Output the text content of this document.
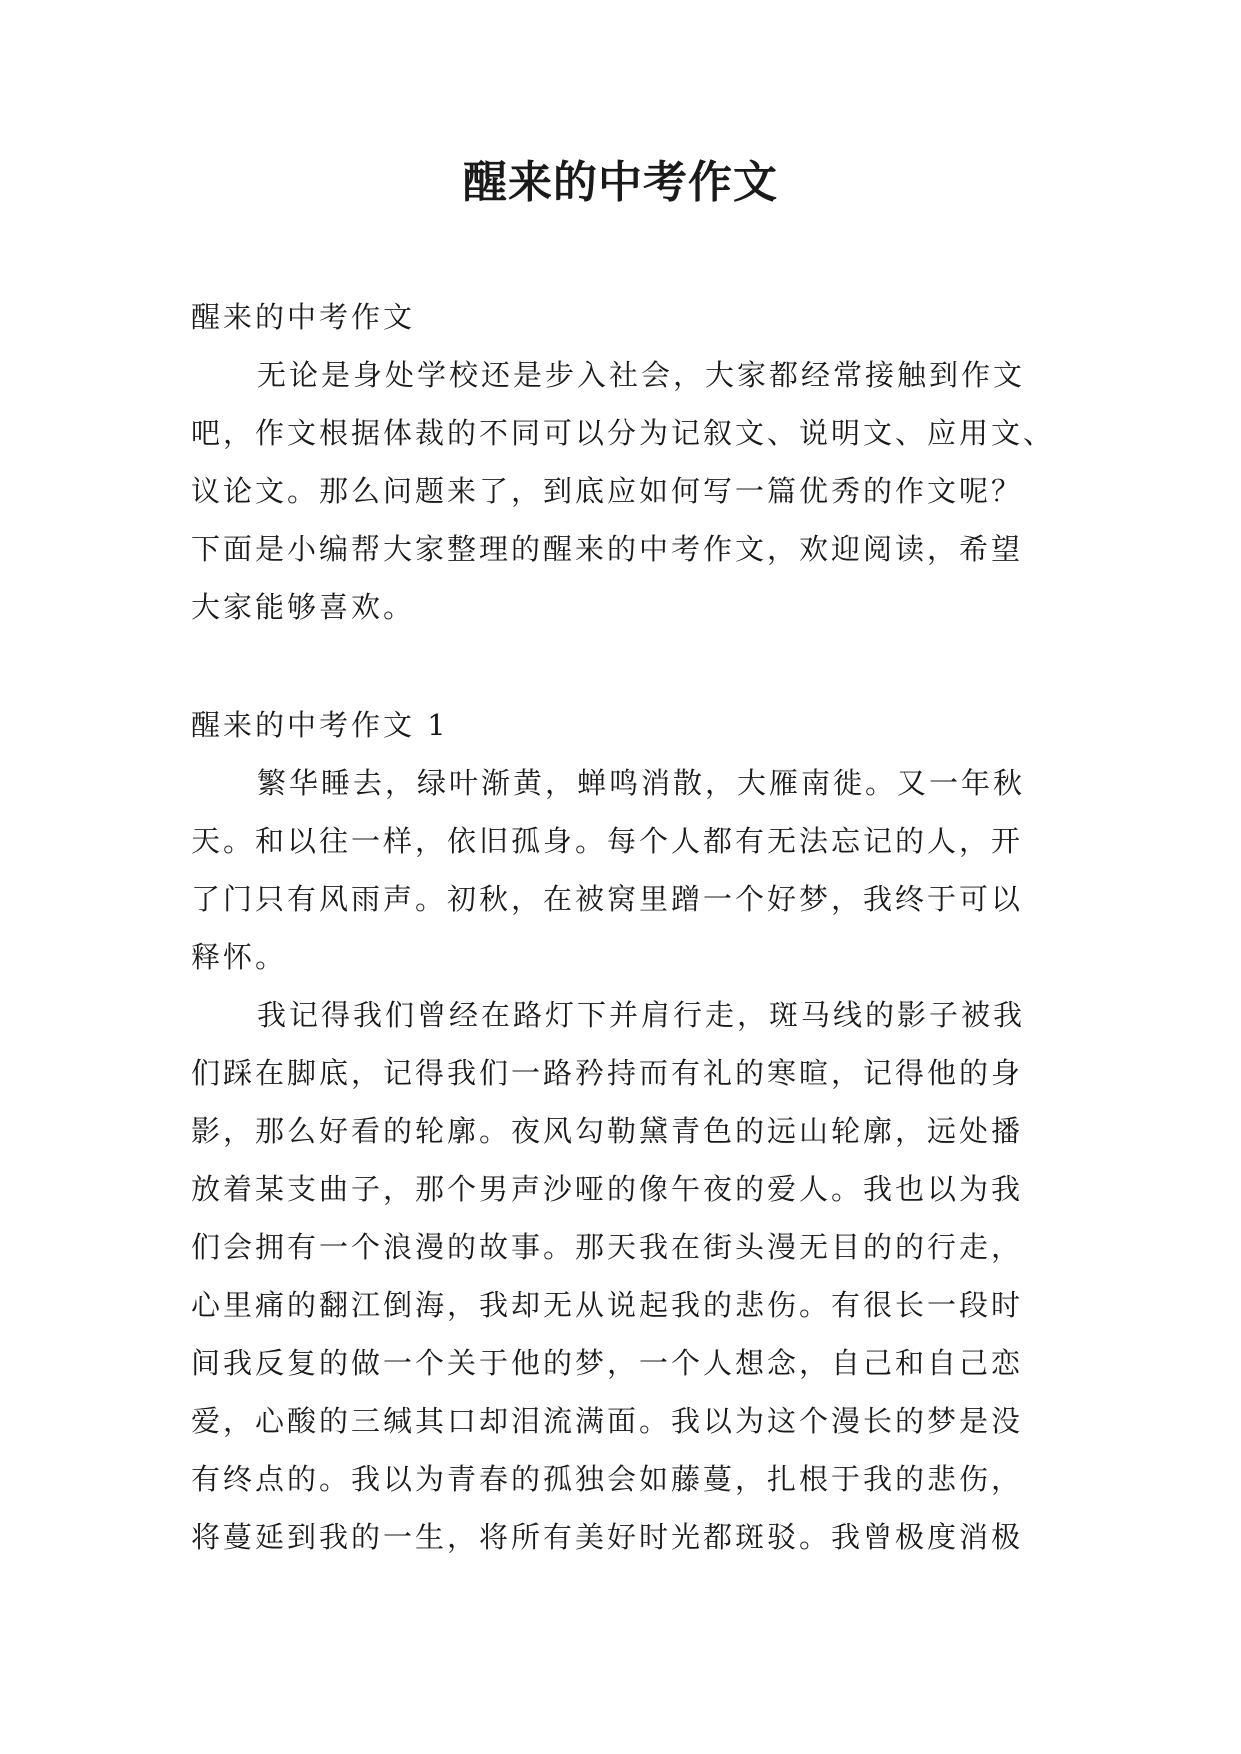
醒来的中考作文
醒来的中考作文
无论是身处学校还是步入社会，大家都经常接触到作文
吧，作文根据体裁的不同可以分为记叙文、说明文、应用文、
议论文。那么问题来了，到底应如何写一篇优秀的作文呢？
下面是小编帮大家整理的醒来的中考作文，欢迎阅读，希望
大家能够喜欢。
醒来的中考作文 1
繁华睡去，绿叶渐黄，蝉鸣消散，大雁南徙。又一年秋
天。和以往一样，依旧孤身。每个人都有无法忘记的人，开
了门只有风雨声。初秋，在被窝里蹭一个好梦，我终于可以
释怀。
我记得我们曾经在路灯下并肩行走，斑马线的影子被我
们踩在脚底，记得我们一路矜持而有礼的寒暄，记得他的身
影，那么好看的轮廓。夜风勾勒黛青色的远山轮廓，远处播
放着某支曲子，那个男声沙哑的像午夜的爱人。我也以为我
们会拥有一个浪漫的故事。那天我在街头漫无目的的行走，
心里痛的翻江倒海，我却无从说起我的悲伤。有很长一段时
间我反复的做一个关于他的梦，一个人想念，自己和自己恋
爱，心酸的三缄其口却泪流满面。我以为这个漫长的梦是没
有终点的。我以为青春的孤独会如藤蔓，扎根于我的悲伤，
将蔓延到我的一生，将所有美好时光都斑驳。我曾极度消极
